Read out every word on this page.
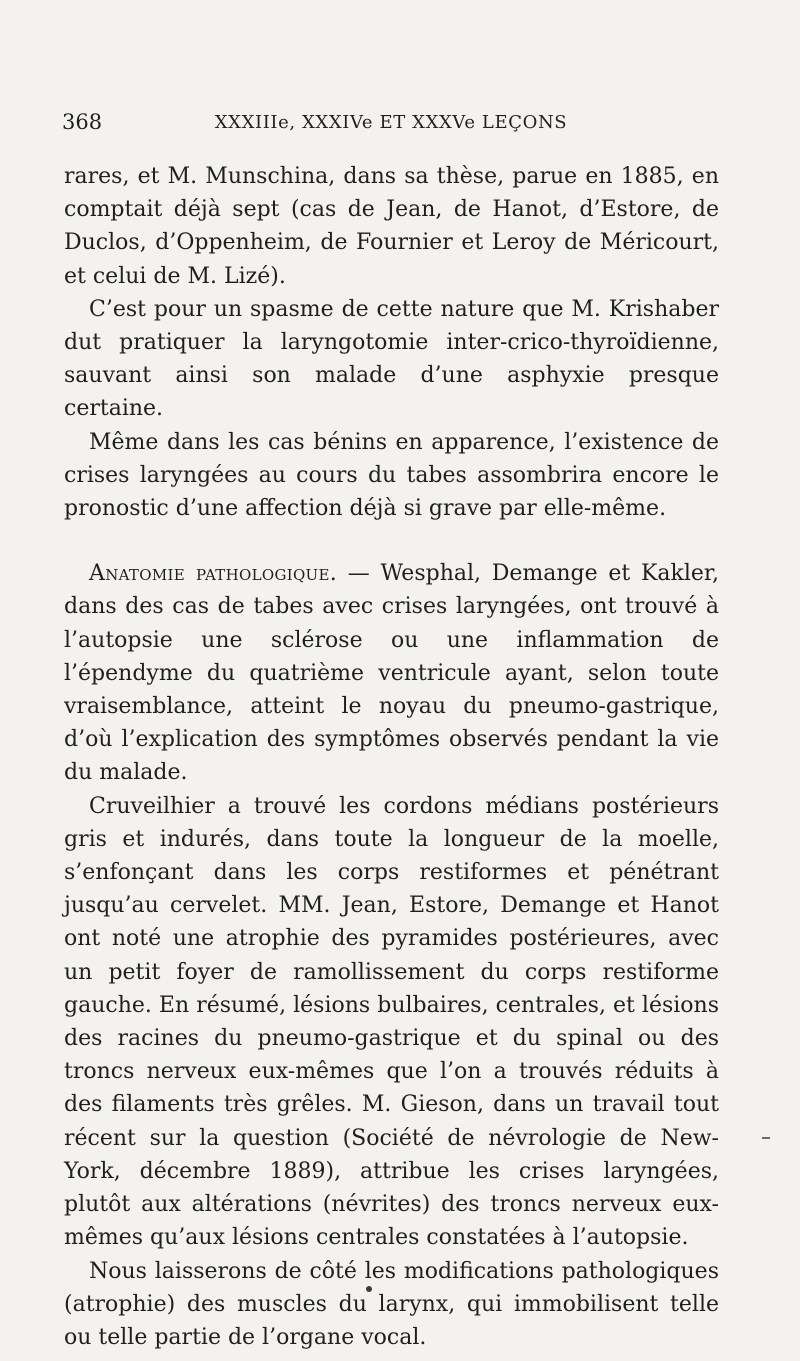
368	XXXIIIe, XXXIVe ET XXXVe LEÇONS

rares, et M. Munschina, dans sa thèse, parue en 1885, en comptait déjà sept (cas de Jean, de Hanot, d’Estore, de Duclos, d’Oppenheim, de Fournier et Leroy de Méricourt, et celui de M. Lizé).

C’est pour un spasme de cette nature que M. Krishaber dut pratiquer la laryngotomie inter-crico-thyroïdienne, sauvant ainsi son malade d’une asphyxie presque certaine.

Même dans les cas bénins en apparence, l’existence de crises laryngées au cours du tabes assombrira encore le pronostic d’une affection déjà si grave par elle-même.

Anatomie pathologique. — Wesphal, Demange et Kakler, dans des cas de tabes avec crises laryngées, ont trouvé à l’autopsie une sclérose ou une inflammation de l’épendyme du quatrième ventricule ayant, selon toute vraisemblance, atteint le noyau du pneumo-gastrique, d’où l’explication des symptômes observés pendant la vie du malade.

Cruveilhier a trouvé les cordons médians postérieurs gris et indurés, dans toute la longueur de la moelle, s’enfonçant dans les corps restiformes et pénétrant jusqu’au cervelet. MM. Jean, Estore, Demange et Hanot ont noté une atrophie des pyramides postérieures, avec un petit foyer de ramollissement du corps restiforme gauche. En résumé, lésions bulbaires, centrales, et lésions des racines du pneumo-gastrique et du spinal ou des troncs nerveux eux-mêmes que l’on a trouvés réduits à des filaments très grêles. M. Gieson, dans un travail tout récent sur la question (Société de névrologie de New-York, décembre 1889), attribue les crises laryngées, plutôt aux altérations (névrites) des troncs nerveux eux-mêmes qu’aux lésions centrales constatées à l’autopsie.

Nous laisserons de côté les modifications pathologiques (atrophie) des muscles du larynx, qui immobilisent telle ou telle partie de l’organe vocal.
